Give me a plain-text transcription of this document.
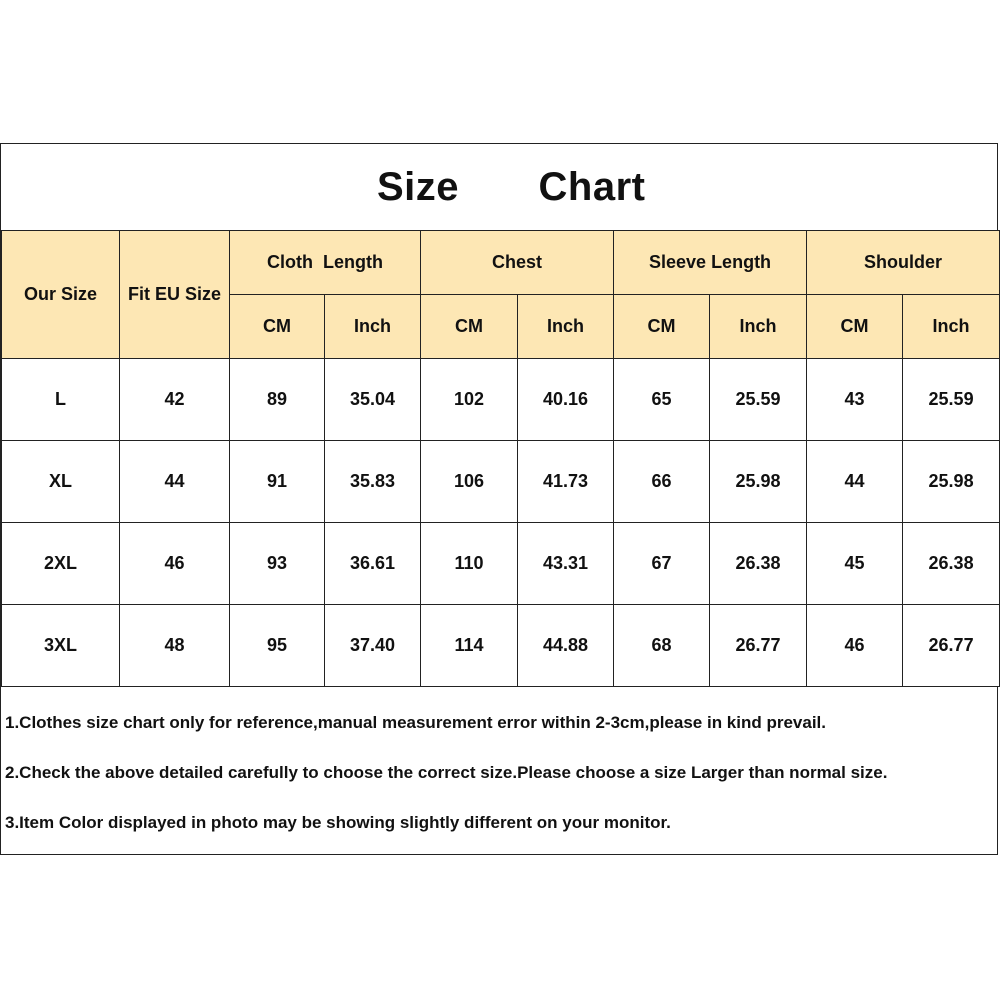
Size	Chart
Our Size	Fit EU Size	Cloth  Length		Chest		Sleeve Length		Shoulder	
		CM	Inch	CM	Inch	CM	Inch	CM	Inch
L	42	89	35.04	102	40.16	65	25.59	43	25.59
XL	44	91	35.83	106	41.73	66	25.98	44	25.98
2XL	46	93	36.61	110	43.31	67	26.38	45	26.38
3XL	48	95	37.40	114	44.88	68	26.77	46	26.77
1.Clothes size chart only for reference,manual measurement error within 2-3cm,please in kind prevail.
2.Check the above detailed carefully to choose the correct size.Please choose a size Larger than normal size.
3.Item Color displayed in photo may be showing slightly different on your monitor.
